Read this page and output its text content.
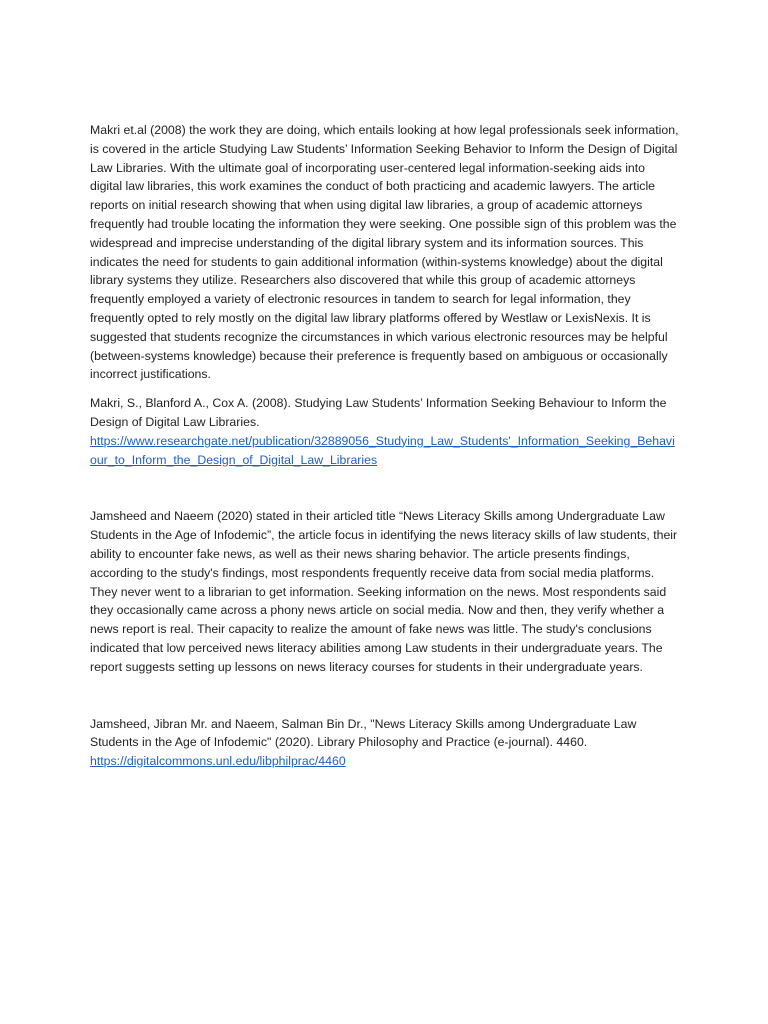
Makri et.al (2008) the work they are doing, which entails looking at how legal professionals seek information, is covered in the article Studying Law Students’ Information Seeking Behavior to Inform the Design of Digital Law Libraries. With the ultimate goal of incorporating user-centered legal information-seeking aids into digital law libraries, this work examines the conduct of both practicing and academic lawyers. The article reports on initial research showing that when using digital law libraries, a group of academic attorneys frequently had trouble locating the information they were seeking. One possible sign of this problem was the widespread and imprecise understanding of the digital library system and its information sources. This indicates the need for students to gain additional information (within-systems knowledge) about the digital library systems they utilize. Researchers also discovered that while this group of academic attorneys frequently employed a variety of electronic resources in tandem to search for legal information, they frequently opted to rely mostly on the digital law library platforms offered by Westlaw or LexisNexis. It is suggested that students recognize the circumstances in which various electronic resources may be helpful (between-systems knowledge) because their preference is frequently based on ambiguous or occasionally incorrect justifications.

Makri, S., Blanford A., Cox A. (2008). Studying Law Students’ Information Seeking Behaviour to Inform the Design of Digital Law Libraries.

https://www.researchgate.net/publication/32889056_Studying_Law_Students'_Information_Seeking_Behaviour_to_Inform_the_Design_of_Digital_Law_Libraries

Jamsheed and Naeem (2020) stated in their articled title “News Literacy Skills among Undergraduate Law Students in the Age of Infodemic”, the article focus in identifying the news literacy skills of law students, their ability to encounter fake news, as well as their news sharing behavior. The article presents findings, according to the study's findings, most respondents frequently receive data from social media platforms. They never went to a librarian to get information. Seeking information on the news. Most respondents said they occasionally came across a phony news article on social media. Now and then, they verify whether a news report is real. Their capacity to realize the amount of fake news was little. The study's conclusions indicated that low perceived news literacy abilities among Law students in their undergraduate years. The report suggests setting up lessons on news literacy courses for students in their undergraduate years.

Jamsheed, Jibran Mr. and Naeem, Salman Bin Dr., "News Literacy Skills among Undergraduate Law Students in the Age of Infodemic" (2020). Library Philosophy and Practice (e-journal). 4460.

https://digitalcommons.unl.edu/libphilprac/4460
